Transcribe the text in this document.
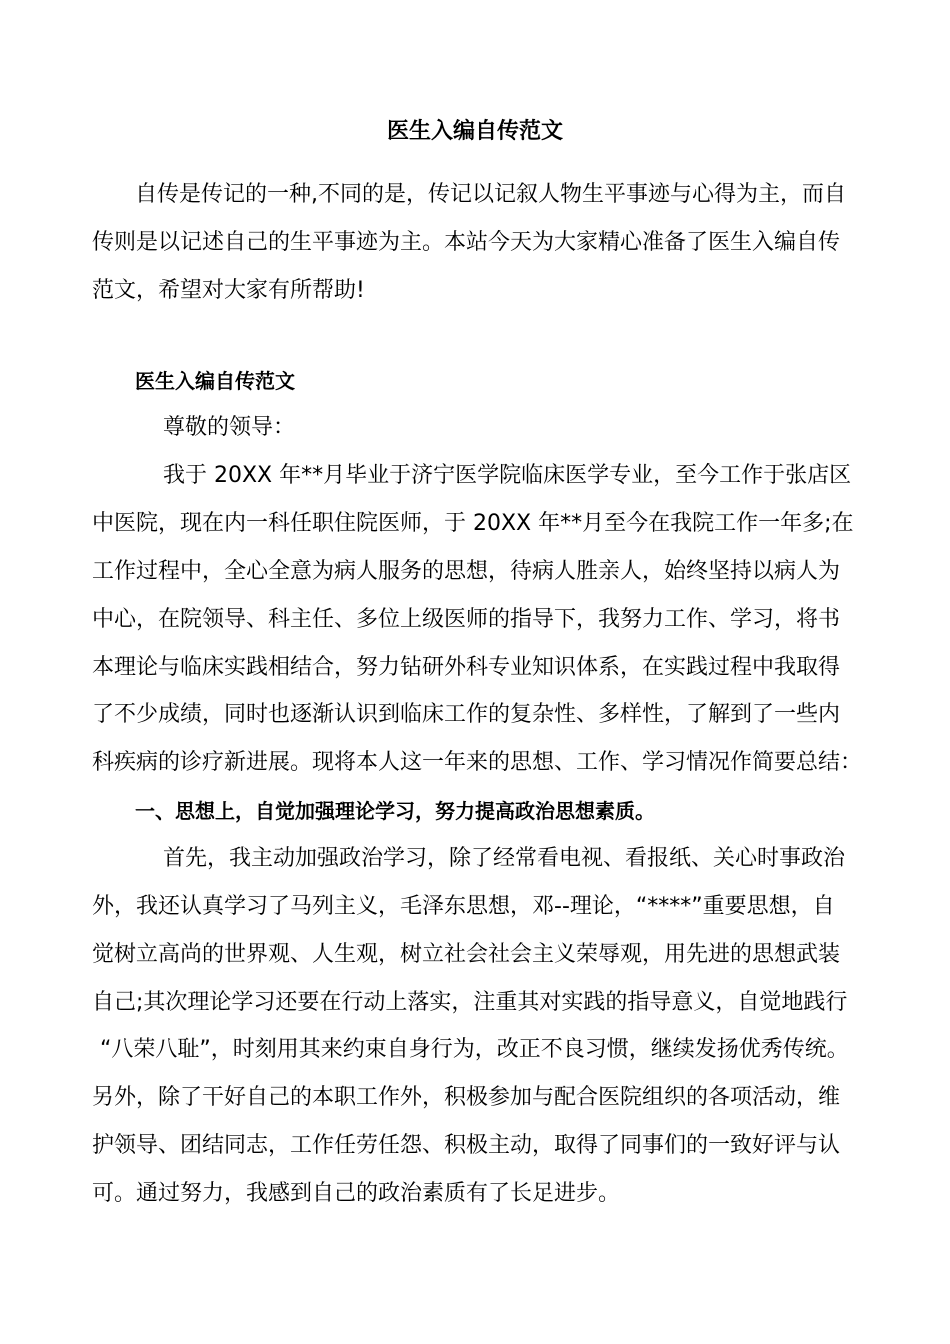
医生入编自传范文
自传是传记的一种,不同的是，传记以记叙人物生平事迹与心得为主，而自
传则是以记述自己的生平事迹为主。本站今天为大家精心准备了医生入编自传
范文，希望对大家有所帮助!
医生入编自传范文
尊敬的领导：
我于 20XX 年**月毕业于济宁医学院临床医学专业，至今工作于张店区
中医院，现在内一科任职住院医师，于 20XX 年**月至今在我院工作一年多;在
工作过程中，全心全意为病人服务的思想，待病人胜亲人，始终坚持以病人为
中心，在院领导、科主任、多位上级医师的指导下，我努力工作、学习，将书
本理论与临床实践相结合，努力钻研外科专业知识体系，在实践过程中我取得
了不少成绩，同时也逐渐认识到临床工作的复杂性、多样性，了解到了一些内
科疾病的诊疗新进展。现将本人这一年来的思想、工作、学习情况作简要总结：
一、思想上，自觉加强理论学习，努力提高政治思想素质。
首先，我主动加强政治学习，除了经常看电视、看报纸、关心时事政治
外，我还认真学习了马列主义，毛泽东思想，邓--理论，“****”重要思想，自
觉树立高尚的世界观、人生观，树立社会社会主义荣辱观，用先进的思想武装
自己;其次理论学习还要在行动上落实，注重其对实践的指导意义，自觉地践行
“八荣八耻”，时刻用其来约束自身行为，改正不良习惯，继续发扬优秀传统。
另外，除了干好自己的本职工作外，积极参加与配合医院组织的各项活动，维
护领导、团结同志，工作任劳任怨、积极主动，取得了同事们的一致好评与认
可。通过努力，我感到自己的政治素质有了长足进步。
